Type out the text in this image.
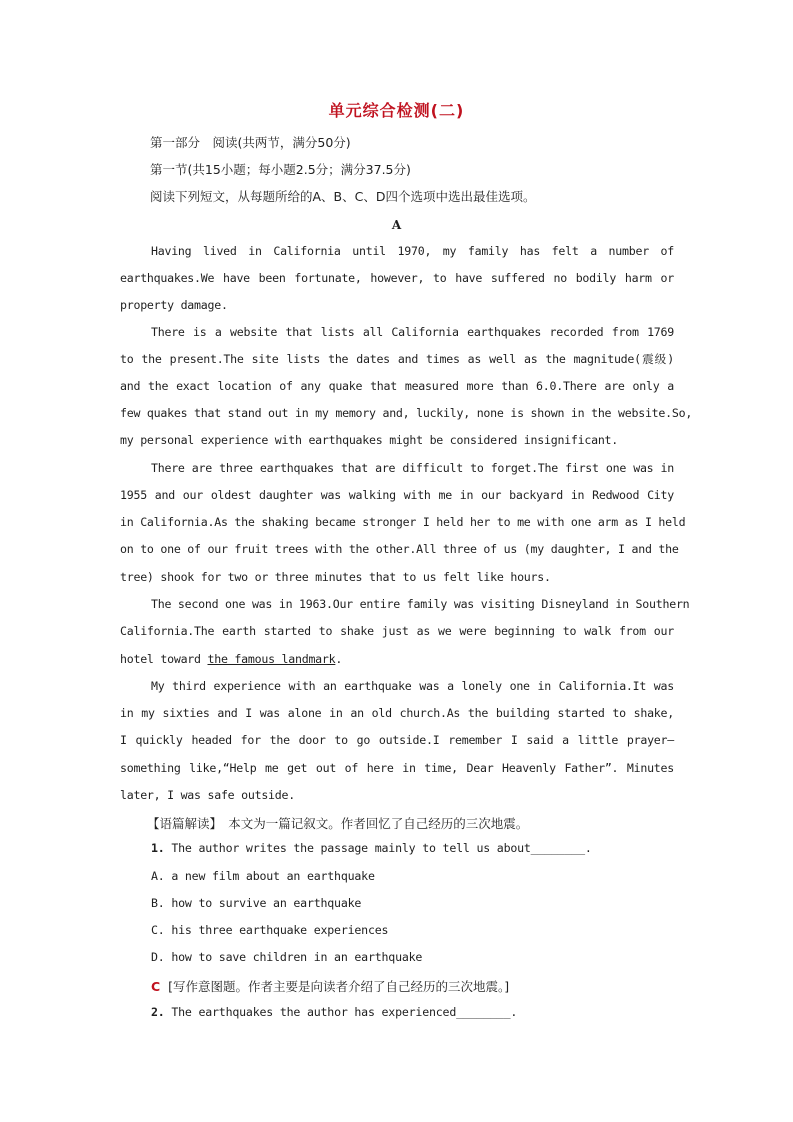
单元综合检测(二)
第一部分　阅读(共两节，满分50分)
第一节(共15小题；每小题2.5分；满分37.5分)
阅读下列短文，从每题所给的A、B、C、D四个选项中选出最佳选项。
A
Having lived in California until 1970, my family has felt a number of
earthquakes.We have been fortunate, however, to have suffered no bodily harm or
property damage.
There is a website that lists all California earthquakes recorded from 1769
to the present.The site lists the dates and times as well as the magnitude(震级)
and the exact location of any quake that measured more than 6.0.There are only a
few quakes that stand out in my memory and, luckily, none is shown in the website.So,
my personal experience with earthquakes might be considered insignificant.
There are three earthquakes that are difficult to forget.The first one was in
1955 and our oldest daughter was walking with me in our backyard in Redwood City
in California.As the shaking became stronger I held her to me with one arm as I held
on to one of our fruit trees with the other.All three of us (my daughter, I and the
tree) shook for two or three minutes that to us felt like hours.
The second one was in 1963.Our entire family was visiting Disneyland in Southern
California.The earth started to shake just as we were beginning to walk from our
hotel toward the famous landmark.
My third experience with an earthquake was a lonely one in California.It was
in my sixties and I was alone in an old church.As the building started to shake,
I quickly headed for the door to go outside.I remember I said a little prayer—
something like,“Help me get out of here in time, Dear Heavenly Father”. Minutes
later, I was safe outside.
【语篇解读】　本文为一篇记叙文。作者回忆了自己经历的三次地震。
1. The author writes the passage mainly to tell us about________.
A. a new film about an earthquake
B. how to survive an earthquake
C. his three earthquake experiences
D. how to save children in an earthquake
C [写作意图题。作者主要是向读者介绍了自己经历的三次地震。]
2. The earthquakes the author has experienced________.
